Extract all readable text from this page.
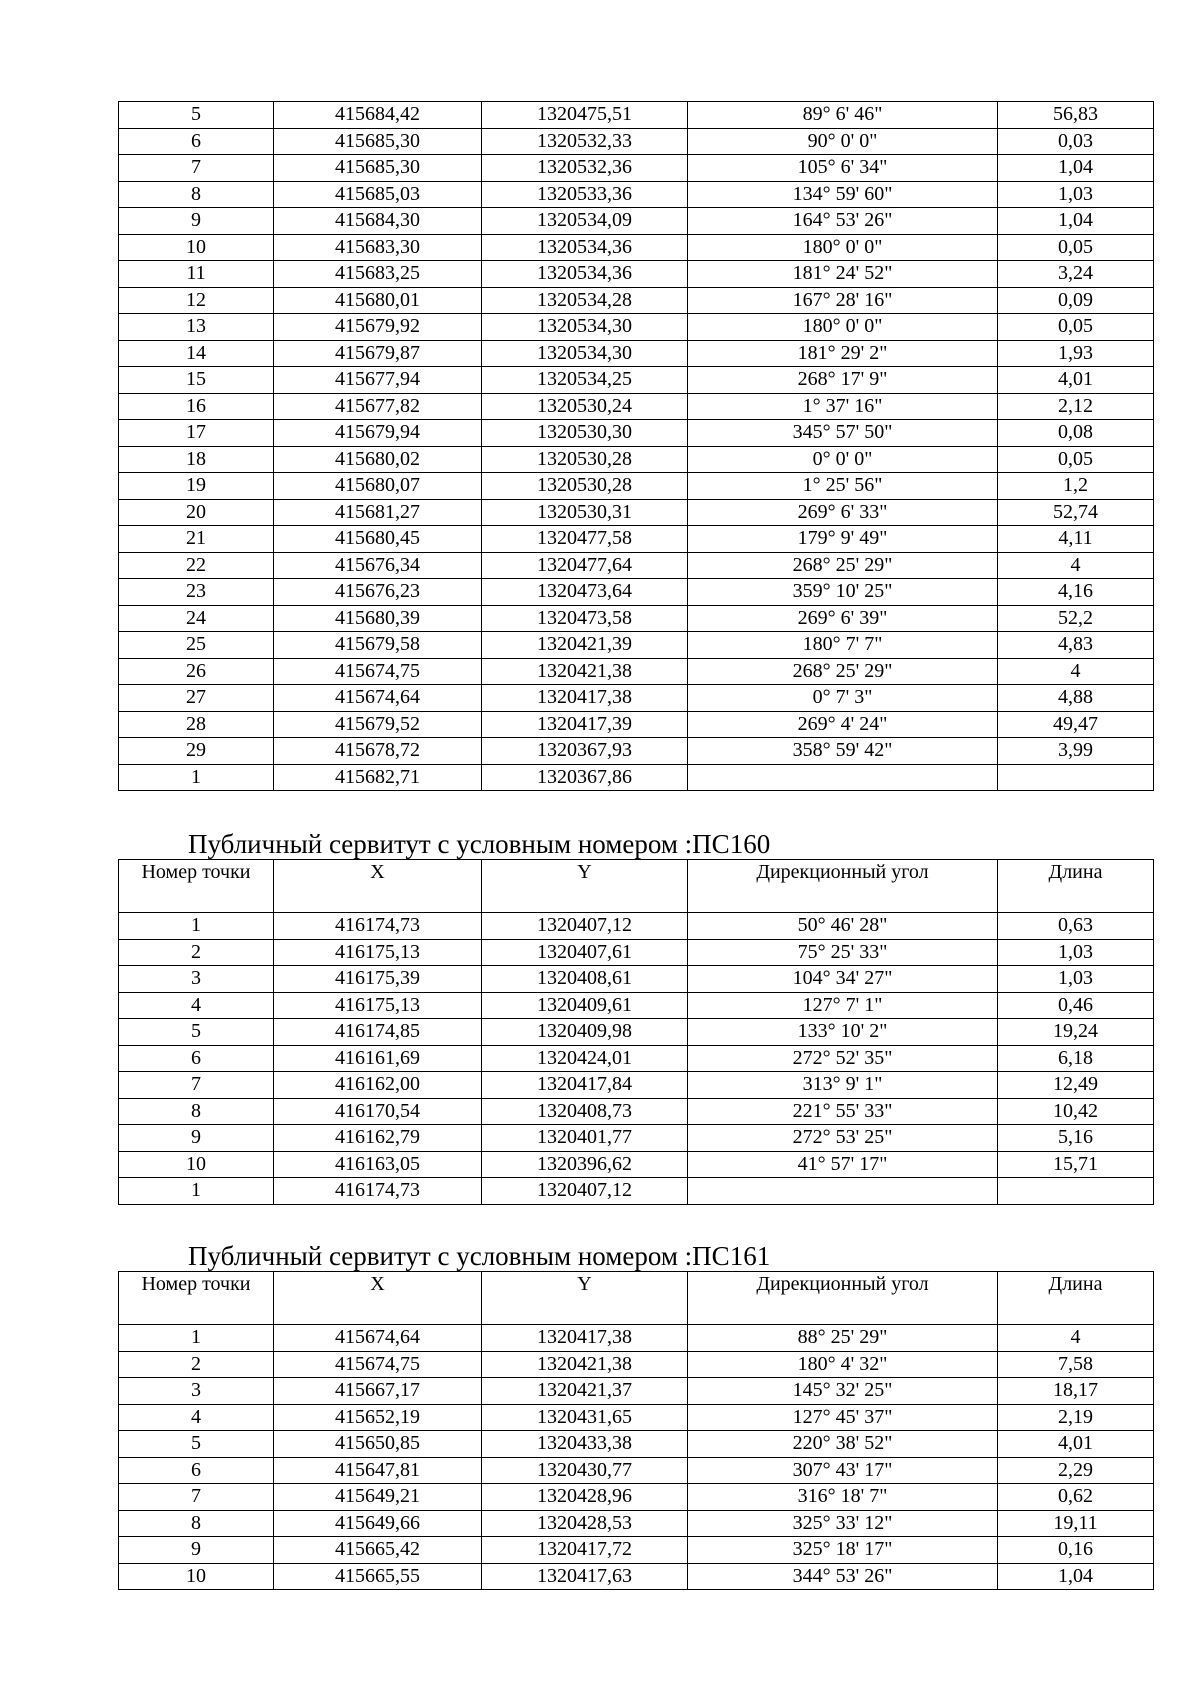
5	415684,42	1320475,51	89° 6' 46"	56,83
6	415685,30	1320532,33	90° 0' 0"	0,03
7	415685,30	1320532,36	105° 6' 34"	1,04
8	415685,03	1320533,36	134° 59' 60"	1,03
9	415684,30	1320534,09	164° 53' 26"	1,04
10	415683,30	1320534,36	180° 0' 0"	0,05
11	415683,25	1320534,36	181° 24' 52"	3,24
12	415680,01	1320534,28	167° 28' 16"	0,09
13	415679,92	1320534,30	180° 0' 0"	0,05
14	415679,87	1320534,30	181° 29' 2"	1,93
15	415677,94	1320534,25	268° 17' 9"	4,01
16	415677,82	1320530,24	1° 37' 16"	2,12
17	415679,94	1320530,30	345° 57' 50"	0,08
18	415680,02	1320530,28	0° 0' 0"	0,05
19	415680,07	1320530,28	1° 25' 56"	1,2
20	415681,27	1320530,31	269° 6' 33"	52,74
21	415680,45	1320477,58	179° 9' 49"	4,11
22	415676,34	1320477,64	268° 25' 29"	4
23	415676,23	1320473,64	359° 10' 25"	4,16
24	415680,39	1320473,58	269° 6' 39"	52,2
25	415679,58	1320421,39	180° 7' 7"	4,83
26	415674,75	1320421,38	268° 25' 29"	4
27	415674,64	1320417,38	0° 7' 3"	4,88
28	415679,52	1320417,39	269° 4' 24"	49,47
29	415678,72	1320367,93	358° 59' 42"	3,99
1	415682,71	1320367,86		
Публичный сервитут с условным номером :ПС160
Номер точки	X	Y	Дирекционный угол	Длина
1	416174,73	1320407,12	50° 46' 28"	0,63
2	416175,13	1320407,61	75° 25' 33"	1,03
3	416175,39	1320408,61	104° 34' 27"	1,03
4	416175,13	1320409,61	127° 7' 1"	0,46
5	416174,85	1320409,98	133° 10' 2"	19,24
6	416161,69	1320424,01	272° 52' 35"	6,18
7	416162,00	1320417,84	313° 9' 1"	12,49
8	416170,54	1320408,73	221° 55' 33"	10,42
9	416162,79	1320401,77	272° 53' 25"	5,16
10	416163,05	1320396,62	41° 57' 17"	15,71
1	416174,73	1320407,12		
Публичный сервитут с условным номером :ПС161
Номер точки	X	Y	Дирекционный угол	Длина
1	415674,64	1320417,38	88° 25' 29"	4
2	415674,75	1320421,38	180° 4' 32"	7,58
3	415667,17	1320421,37	145° 32' 25"	18,17
4	415652,19	1320431,65	127° 45' 37"	2,19
5	415650,85	1320433,38	220° 38' 52"	4,01
6	415647,81	1320430,77	307° 43' 17"	2,29
7	415649,21	1320428,96	316° 18' 7"	0,62
8	415649,66	1320428,53	325° 33' 12"	19,11
9	415665,42	1320417,72	325° 18' 17"	0,16
10	415665,55	1320417,63	344° 53' 26"	1,04
